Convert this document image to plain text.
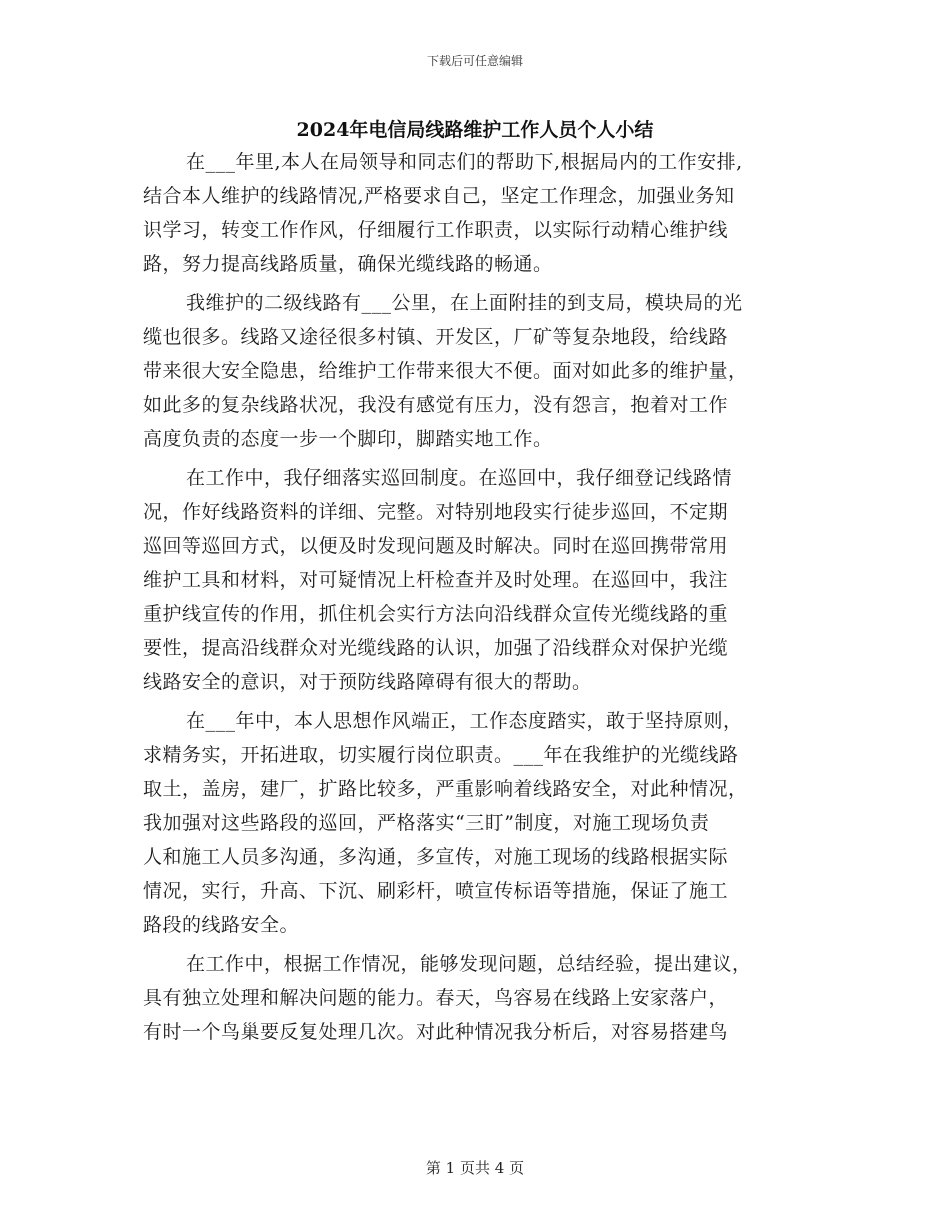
下载后可任意编辑
2024年电信局线路维护工作人员个人小结
在___年里,本人在局领导和同志们的帮助下,根据局内的工作安排,
结合本人维护的线路情况,严格要求自己，坚定工作理念，加强业务知
识学习，转变工作作风，仔细履行工作职责，以实际行动精心维护线
路，努力提高线路质量，确保光缆线路的畅通。
我维护的二级线路有___公里，在上面附挂的到支局，模块局的光
缆也很多。线路又途径很多村镇、开发区，厂矿等复杂地段，给线路
带来很大安全隐患，给维护工作带来很大不便。面对如此多的维护量，
如此多的复杂线路状况，我没有感觉有压力，没有怨言，抱着对工作
高度负责的态度一步一个脚印，脚踏实地工作。
在工作中，我仔细落实巡回制度。在巡回中，我仔细登记线路情
况，作好线路资料的详细、完整。对特别地段实行徒步巡回，不定期
巡回等巡回方式，以便及时发现问题及时解决。同时在巡回携带常用
维护工具和材料，对可疑情况上杆检查并及时处理。在巡回中，我注
重护线宣传的作用，抓住机会实行方法向沿线群众宣传光缆线路的重
要性，提高沿线群众对光缆线路的认识，加强了沿线群众对保护光缆
线路安全的意识，对于预防线路障碍有很大的帮助。
在___年中，本人思想作风端正，工作态度踏实，敢于坚持原则，
求精务实，开拓进取，切实履行岗位职责。___年在我维护的光缆线路
取土，盖房，建厂，扩路比较多，严重影响着线路安全，对此种情况，
我加强对这些路段的巡回，严格落实“三盯”制度，对施工现场负责
人和施工人员多沟通，多沟通，多宣传，对施工现场的线路根据实际
情况，实行，升高、下沉、刷彩杆，喷宣传标语等措施，保证了施工
路段的线路安全。
在工作中，根据工作情况，能够发现问题，总结经验，提出建议，
具有独立处理和解决问题的能力。春天，鸟容易在线路上安家落户，
有时一个鸟巢要反复处理几次。对此种情况我分析后，对容易搭建鸟
第 1 页共 4 页
